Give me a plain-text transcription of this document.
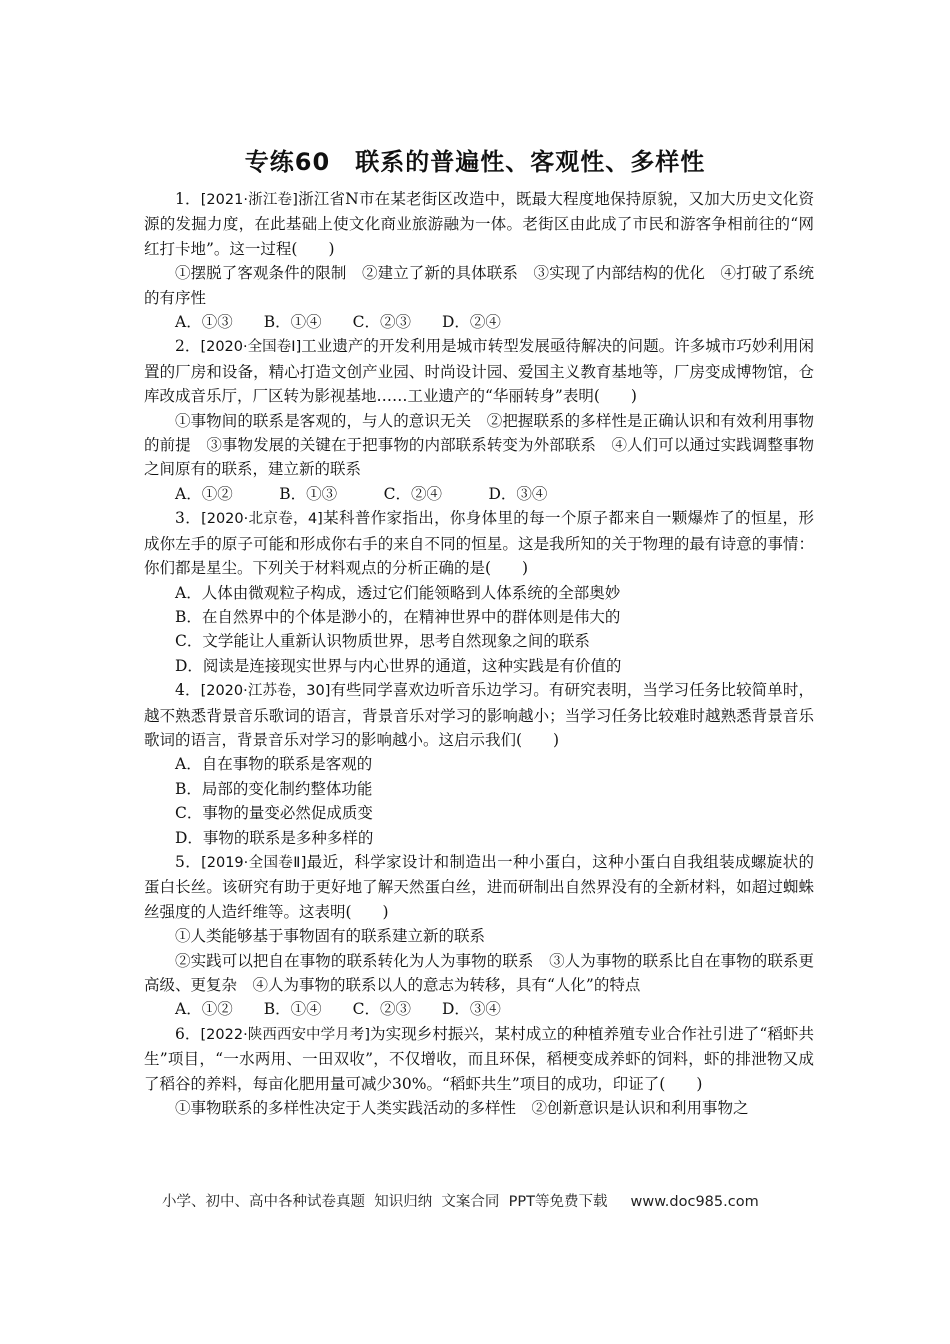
专练60　联系的普遍性、客观性、多样性

1．[2021·浙江卷]浙江省N市在某老街区改造中，既最大程度地保持原貌，又加大历史文化资源的发掘力度，在此基础上使文化商业旅游融为一体。老街区由此成了市民和游客争相前往的“网红打卡地”。这一过程(　　)

①摆脱了客观条件的限制　②建立了新的具体联系　③实现了内部结构的优化　④打破了系统的有序性

A．①③　　B．①④　　C．②③　　D．②④

2．[2020·全国卷Ⅰ]工业遗产的开发利用是城市转型发展亟待解决的问题。许多城市巧妙利用闲置的厂房和设备，精心打造文创产业园、时尚设计园、爱国主义教育基地等，厂房变成博物馆，仓库改成音乐厅，厂区转为影视基地……工业遗产的“华丽转身”表明(　　)

①事物间的联系是客观的，与人的意识无关　②把握联系的多样性是正确认识和有效利用事物的前提　③事物发展的关键在于把事物的内部联系转变为外部联系　④人们可以通过实践调整事物之间原有的联系，建立新的联系

A．①②　　　B．①③　　　C．②④　　　D．③④

3．[2020·北京卷，4]某科普作家指出，你身体里的每一个原子都来自一颗爆炸了的恒星，形成你左手的原子可能和形成你右手的来自不同的恒星。这是我所知的关于物理的最有诗意的事情：你们都是星尘。下列关于材料观点的分析正确的是(　　)

A．人体由微观粒子构成，透过它们能领略到人体系统的全部奥妙

B．在自然界中的个体是渺小的，在精神世界中的群体则是伟大的

C．文学能让人重新认识物质世界，思考自然现象之间的联系

D．阅读是连接现实世界与内心世界的通道，这种实践是有价值的

4．[2020·江苏卷，30]有些同学喜欢边听音乐边学习。有研究表明，当学习任务比较简单时，越不熟悉背景音乐歌词的语言，背景音乐对学习的影响越小；当学习任务比较难时越熟悉背景音乐歌词的语言，背景音乐对学习的影响越小。这启示我们(　　)

A．自在事物的联系是客观的

B．局部的变化制约整体功能

C．事物的量变必然促成质变

D．事物的联系是多种多样的

5．[2019·全国卷Ⅱ]最近，科学家设计和制造出一种小蛋白，这种小蛋白自我组装成螺旋状的蛋白长丝。该研究有助于更好地了解天然蛋白丝，进而研制出自然界没有的全新材料，如超过蜘蛛丝强度的人造纤维等。这表明(　　)

①人类能够基于事物固有的联系建立新的联系

②实践可以把自在事物的联系转化为人为事物的联系　③人为事物的联系比自在事物的联系更高级、更复杂　④人为事物的联系以人的意志为转移，具有“人化”的特点

A．①②　　B．①④　　C．②③　　D．③④

6．[2022·陕西西安中学月考]为实现乡村振兴，某村成立的种植养殖专业合作社引进了“稻虾共生”项目，“一水两用、一田双收”，不仅增收，而且环保，稻梗变成养虾的饲料，虾的排泄物又成了稻谷的养料，每亩化肥用量可减少30%。“稻虾共生”项目的成功，印证了(　　)

①事物联系的多样性决定于人类实践活动的多样性　②创新意识是认识和利用事物之

小学、初中、高中各种试卷真题  知识归纳  文案合同  PPT等免费下载     www.doc985.com
